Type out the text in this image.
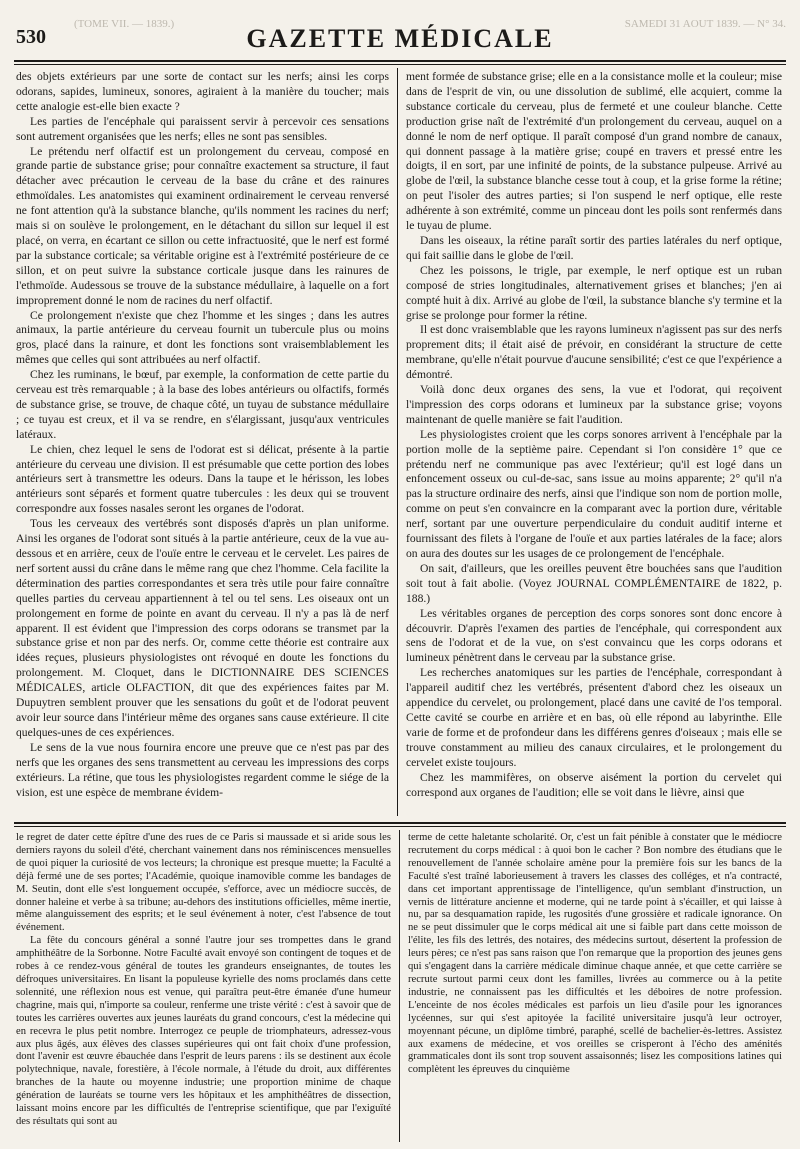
530
(TOME VII. — 1839.)	SAMEDI 31 AOUT 1839. — N° 34.
GAZETTE MÉDICALE

des objets extérieurs par une sorte de contact sur les nerfs; ainsi les corps odorans, sapides, lumineux, sonores, agiraient à la manière du toucher; mais cette analogie est-elle bien exacte ?

Les parties de l'encéphale qui paraissent servir à percevoir ces sensations sont autrement organisées que les nerfs; elles ne sont pas sensibles.

Le prétendu nerf olfactif est un prolongement du cerveau, composé en grande partie de substance grise; pour connaître exactement sa structure, il faut détacher avec précaution le cerveau de la base du crâne et des rainures ethmoïdales. Les anatomistes qui examinent ordinairement le cerveau renversé ne font attention qu'à la substance blanche, qu'ils nomment les racines du nerf; mais si on soulève le prolongement, en le détachant du sillon sur lequel il est placé, on verra, en écartant ce sillon ou cette infractuosité, que le nerf est formé par la substance corticale; sa véritable origine est à l'extrémité postérieure de ce sillon, et on peut suivre la substance corticale jusque dans les rainures de l'ethmoïde. Audessous se trouve de la substance médullaire, à laquelle on a fort improprement donné le nom de racines du nerf olfactif.

Ce prolongement n'existe que chez l'homme et les singes ; dans les autres animaux, la partie antérieure du cerveau fournit un tubercule plus ou moins gros, placé dans la rainure, et dont les fonctions sont vraisemblablement les mêmes que celles qui sont attribuées au nerf olfactif.

Chez les ruminans, le bœuf, par exemple, la conformation de cette partie du cerveau est très remarquable ; à la base des lobes antérieurs ou olfactifs, formés de substance grise, se trouve, de chaque côté, un tuyau de substance médullaire ; ce tuyau est creux, et il va se rendre, en s'élargissant, jusqu'aux ventricules latéraux.

Le chien, chez lequel le sens de l'odorat est si délicat, présente à la partie antérieure du cerveau une division. Il est présumable que cette portion des lobes antérieurs sert à transmettre les odeurs. Dans la taupe et le hérisson, les lobes antérieurs sont séparés et forment quatre tubercules : les deux qui se trouvent correspondre aux fosses nasales seront les organes de l'odorat.

Tous les cerveaux des vertébrés sont disposés d'après un plan uniforme. Ainsi les organes de l'odorat sont situés à la partie antérieure, ceux de la vue au-dessous et en arrière, ceux de l'ouïe entre le cerveau et le cervelet. Les paires de nerf sortent aussi du crâne dans le même rang que chez l'homme. Cela facilite la détermination des parties correspondantes et sera très utile pour faire connaître quelles parties du cerveau appartiennent à tel ou tel sens. Les oiseaux ont un prolongement en forme de pointe en avant du cerveau. Il n'y a pas là de nerf apparent. Il est évident que l'impression des corps odorans se transmet par la substance grise et non par des nerfs. Or, comme cette théorie est contraire aux idées reçues, plusieurs physiologistes ont révoqué en doute les fonctions du prolongement. M. Cloquet, dans le DICTIONNAIRE DES SCIENCES MÉDICALES, article OLFACTION, dit que des expériences faites par M. Dupuytren semblent prouver que les sensations du goût et de l'odorat peuvent avoir leur source dans l'intérieur même des organes sans cause extérieure. Il cite quelques-unes de ces expériences.

Le sens de la vue nous fournira encore une preuve que ce n'est pas par des nerfs que les organes des sens transmettent au cerveau les impressions des corps extérieurs. La rétine, que tous les physiologistes regardent comme le siége de la vision, est une espèce de membrane évidem-

ment formée de substance grise; elle en a la consistance molle et la couleur; mise dans de l'esprit de vin, ou une dissolution de sublimé, elle acquiert, comme la substance corticale du cerveau, plus de fermeté et une couleur blanche. Cette production grise naît de l'extrémité d'un prolongement du cerveau, auquel on a donné le nom de nerf optique. Il paraît composé d'un grand nombre de canaux, qui donnent passage à la matière grise; coupé en travers et pressé entre les doigts, il en sort, par une infinité de points, de la substance pulpeuse. Arrivé au globe de l'œil, la substance blanche cesse tout à coup, et la grise forme la rétine; on peut l'isoler des autres parties; si l'on suspend le nerf optique, elle reste adhérente à son extrémité, comme un pinceau dont les poils sont renfermés dans le tuyau de plume.

Dans les oiseaux, la rétine paraît sortir des parties latérales du nerf optique, qui fait saillie dans le globe de l'œil.

Chez les poissons, le trigle, par exemple, le nerf optique est un ruban composé de stries longitudinales, alternativement grises et blanches; j'en ai compté huit à dix. Arrivé au globe de l'œil, la substance blanche s'y termine et la grise se prolonge pour former la rétine.

Il est donc vraisemblable que les rayons lumineux n'agissent pas sur des nerfs proprement dits; il était aisé de prévoir, en considérant la structure de cette membrane, qu'elle n'était pourvue d'aucune sensibilité; c'est ce que l'expérience a démontré.

Voilà donc deux organes des sens, la vue et l'odorat, qui reçoivent l'impression des corps odorans et lumineux par la substance grise; voyons maintenant de quelle manière se fait l'audition.

Les physiologistes croient que les corps sonores arrivent à l'encéphale par la portion molle de la septième paire. Cependant si l'on considère 1° que ce prétendu nerf ne communique pas avec l'extérieur; qu'il est logé dans un enfoncement osseux ou cul-de-sac, sans issue au moins apparente; 2° qu'il n'a pas la structure ordinaire des nerfs, ainsi que l'indique son nom de portion molle, comme on peut s'en convaincre en la comparant avec la portion dure, véritable nerf, sortant par une ouverture perpendiculaire du conduit auditif interne et fournissant des filets à l'organe de l'ouïe et aux parties latérales de la face; alors on aura des doutes sur les usages de ce prolongement de l'encéphale.

On sait, d'ailleurs, que les oreilles peuvent être bouchées sans que l'audition soit tout à fait abolie. (Voyez JOURNAL COMPLÉMENTAIRE de 1822, p. 188.)

Les véritables organes de perception des corps sonores sont donc encore à découvrir. D'après l'examen des parties de l'encéphale, qui correspondent aux sens de l'odorat et de la vue, on s'est convaincu que les corps odorans et lumineux pénètrent dans le cerveau par la substance grise.

Les recherches anatomiques sur les parties de l'encéphale, correspondant à l'appareil auditif chez les vertébrés, présentent d'abord chez les oiseaux un appendice du cervelet, ou prolongement, placé dans une cavité de l'os temporal. Cette cavité se courbe en arrière et en bas, où elle répond au labyrinthe. Elle varie de forme et de profondeur dans les différens genres d'oiseaux ; mais elle se trouve constamment au milieu des canaux circulaires, et le prolongement du cervelet existe toujours.

Chez les mammifères, on observe aisément la portion du cervelet qui correspond aux organes de l'audition; elle se voit dans le lièvre, ainsi que

le regret de dater cette épître d'une des rues de ce Paris si maussade et si aride sous les derniers rayons du soleil d'été, cherchant vainement dans nos réminiscences mensuelles de quoi piquer la curiosité de vos lecteurs; la chronique est presque muette; la Faculté a déjà fermé une de ses portes; l'Académie, quoique inamovible comme les bandages de M. Seutin, dont elle s'est longuement occupée, s'efforce, avec un médiocre succès, de donner haleine et verbe à sa tribune; au-dehors des institutions officielles, même inertie, même alanguissement des esprits; et le seul événement à noter, c'est l'absence de tout événement.

La fête du concours général a sonné l'autre jour ses trompettes dans le grand amphithéâtre de la Sorbonne. Notre Faculté avait envoyé son contingent de toques et de robes à ce rendez-vous général de toutes les grandeurs enseignantes, de toutes les défroques universitaires. En lisant la populeuse kyrielle des noms proclamés dans cette solennité, une réflexion nous est venue, qui paraîtra peut-être émanée d'une humeur chagrine, mais qui, n'importe sa couleur, renferme une triste vérité : c'est à savoir que de toutes les carrières ouvertes aux jeunes lauréats du grand concours, c'est la médecine qui en recevra le plus petit nombre. Interrogez ce peuple de triomphateurs, adressez-vous aux plus âgés, aux élèves des classes supérieures qui ont fait choix d'une profession, dont l'avenir est œuvre ébauchée dans l'esprit de leurs parens : ils se destinent aux école polytechnique, navale, forestière, à l'école normale, à l'étude du droit, aux différentes branches de la haute ou moyenne industrie; une proportion minime de chaque génération de lauréats se tourne vers les hôpitaux et les amphithéâtres de dissection, laissant moins encore par les difficultés de l'entreprise scientifique, que par l'exiguïté des résultats qui sont au

terme de cette haletante scholarité. Or, c'est un fait pénible à constater que le médiocre recrutement du corps médical : à quoi bon le cacher ? Bon nombre des étudians que le renouvellement de l'année scholaire amène pour la première fois sur les bancs de la Faculté s'est traîné laborieusement à travers les classes des colléges, et n'a contracté, dans cet important apprentissage de l'intelligence, qu'un semblant d'instruction, un vernis de littérature ancienne et moderne, qui ne tarde point à s'écailler, et qui laisse à nu, par sa desquamation rapide, les rugosités d'une grossière et radicale ignorance. On ne se peut dissimuler que le corps médical ait une si faible part dans cette moisson de l'élite, les fils des lettrés, des notaires, des médecins surtout, désertent la profession de leurs pères; ce n'est pas sans raison que l'on remarque que la proportion des jeunes gens qui s'engagent dans la carrière médicale diminue chaque année, et que cette carrière se recrute surtout parmi ceux dont les familles, livrées au commerce ou à la petite industrie, ne connaissent pas les difficultés et les déboires de notre profession. L'enceinte de nos écoles médicales est parfois un lieu d'asile pour les ignorances lycéennes, sur qui s'est apitoyée la facilité universitaire jusqu'à leur octroyer, moyennant pécune, un diplôme timbré, paraphé, scellé de bachelier-ès-lettres. Assistez aux examens de médecine, et vos oreilles se crisperont à l'écho des aménités grammaticales dont ils sont trop souvent assaisonnés; lisez les compositions latines qui complètent les épreuves du cinquième
